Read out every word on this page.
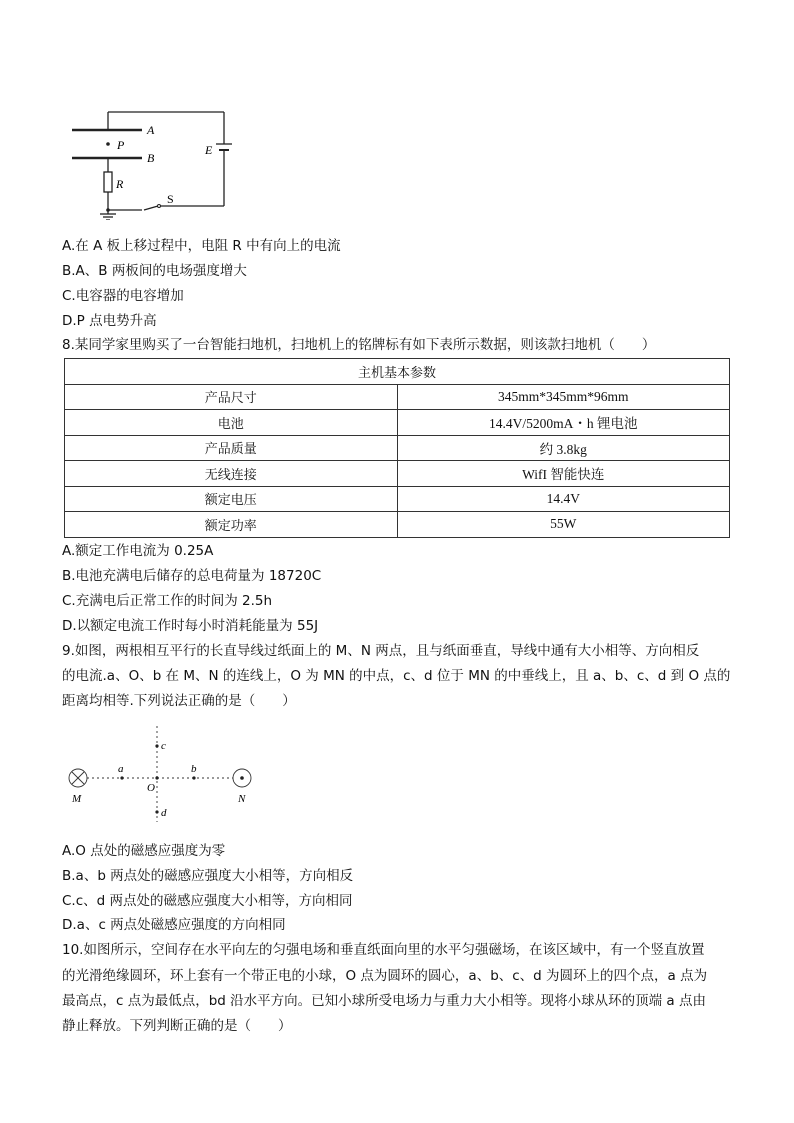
A
B
P
R
E
S
A.在 A 板上移过程中，电阻 R 中有向上的电流
B.A、B 两板间的电场强度增大
C.电容器的电容增加
D.P 点电势升高
8.某同学家里购买了一台智能扫地机，扫地机上的铭牌标有如下表所示数据，则该款扫地机（　　）
主机基本参数	
产品尺寸	345mm*345mm*96mm
电池	14.4V/5200mA・h 锂电池
产品质量	约 3.8kg
无线连接	WifI 智能快连
额定电压	14.4V
额定功率	55W
A.额定工作电流为 0.25A
B.电池充满电后储存的总电荷量为 18720C
C.充满电后正常工作的时间为 2.5h
D.以额定电流工作时每小时消耗能量为 55J
9.如图，两根相互平行的长直导线过纸面上的 M、N 两点，且与纸面垂直，导线中通有大小相等、方向相反
的电流.a、O、b 在 M、N 的连线上，O 为 MN 的中点，c、d 位于 MN 的中垂线上，且 a、b、c、d 到 O 点的
距离均相等.下列说法正确的是（　　）
M	N
a	b
O
c
d
A.O 点处的磁感应强度为零
B.a、b 两点处的磁感应强度大小相等，方向相反
C.c、d 两点处的磁感应强度大小相等，方向相同
D.a、c 两点处磁感应强度的方向相同
10.如图所示，空间存在水平向左的匀强电场和垂直纸面向里的水平匀强磁场，在该区域中，有一个竖直放置
的光滑绝缘圆环，环上套有一个带正电的小球，O 点为圆环的圆心，a、b、c、d 为圆环上的四个点，a 点为
最高点，c 点为最低点，bd 沿水平方向。已知小球所受电场力与重力大小相等。现将小球从环的顶端 a 点由
静止释放。下列判断正确的是（　　）
